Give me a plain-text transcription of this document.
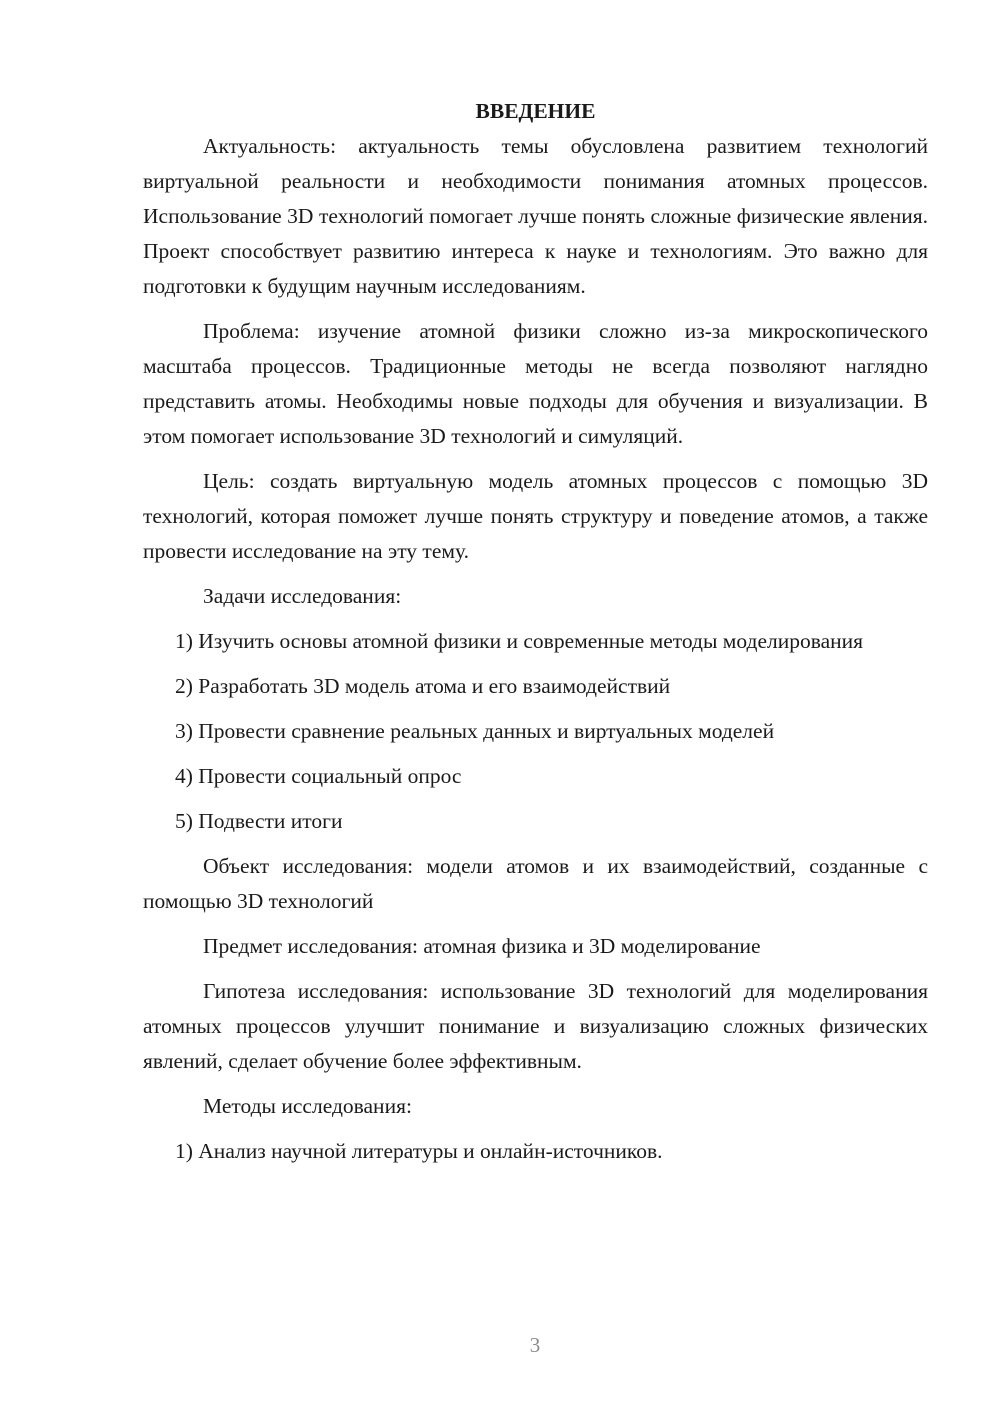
ВВЕДЕНИЕ

Актуальность: актуальность темы обусловлена развитием технологий виртуальной реальности и необходимости понимания атомных процессов. Использование 3D технологий помогает лучше понять сложные физические явления. Проект способствует развитию интереса к науке и технологиям. Это важно для подготовки к будущим научным исследованиям.

Проблема: изучение атомной физики сложно из-за микроскопического масштаба процессов. Традиционные методы не всегда позволяют наглядно представить атомы. Необходимы новые подходы для обучения и визуализации. В этом помогает использование 3D технологий и симуляций.

Цель: создать виртуальную модель атомных процессов с помощью 3D технологий, которая поможет лучше понять структуру и поведение атомов, а также провести исследование на эту тему.

Задачи исследования:

1) Изучить основы атомной физики и современные методы моделирования

2) Разработать 3D модель атома и его взаимодействий

3) Провести сравнение реальных данных и виртуальных моделей

4) Провести социальный опрос

5) Подвести итоги

Объект исследования: модели атомов и их взаимодействий, созданные с помощью 3D технологий

Предмет исследования: атомная физика и 3D моделирование

Гипотеза исследования: использование 3D технологий для моделирования атомных процессов улучшит понимание и визуализацию сложных физических явлений, сделает обучение более эффективным.

Методы исследования:

1) Анализ научной литературы и онлайн-источников.

3
